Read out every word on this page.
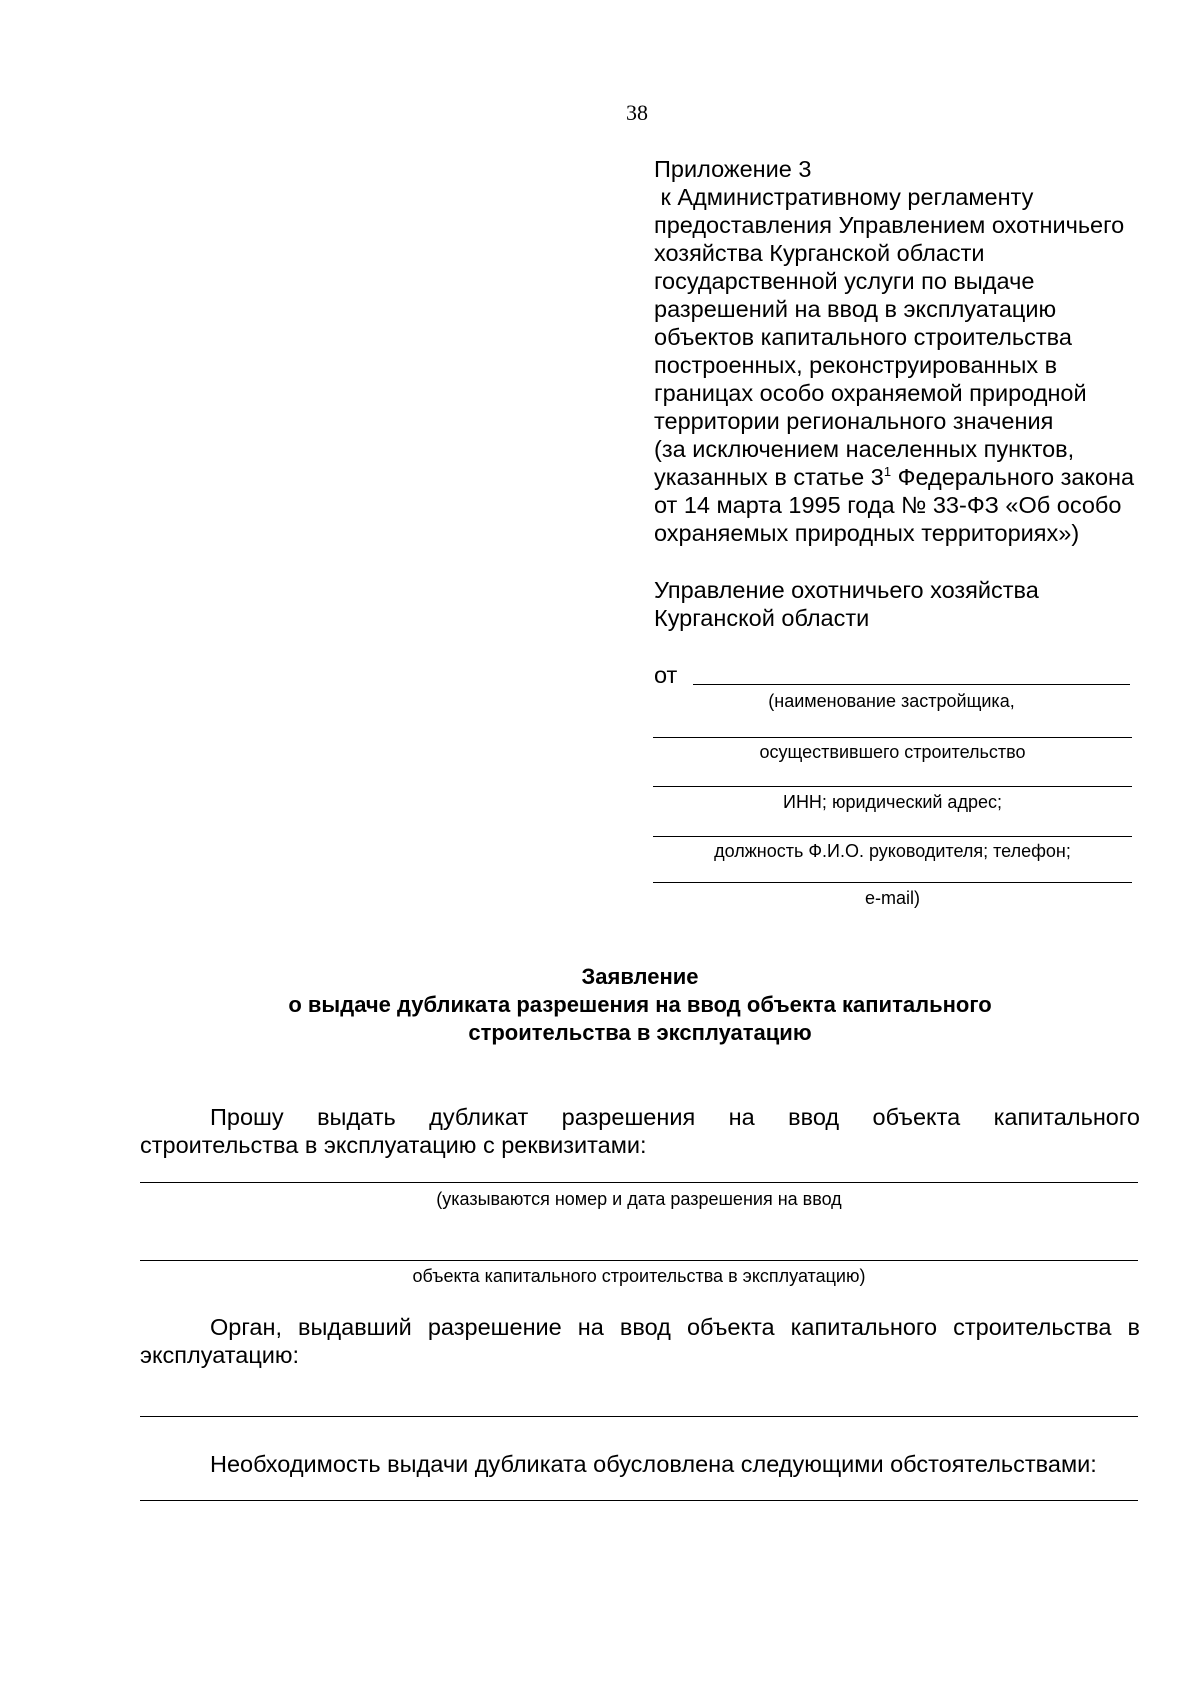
38
Приложение 3
к Административному регламенту
предоставления Управлением охотничьего
хозяйства Курганской области
государственной услуги по выдаче
разрешений на ввод в эксплуатацию
объектов капитального строительства
построенных, реконструированных в
границах особо охраняемой природной
территории регионального значения
(за исключением населенных пунктов,
указанных в статье $3^1$ Федерального закона
от 14 марта 1995 года № 33-ФЗ «Об особо
охраняемых природных территориях»)
Управление охотничьего хозяйства
Курганской области
от
(наименование застройщика,
осуществившего строительство
ИНН; юридический адрес;
должность Ф.И.О. руководителя; телефон;
e-mail)
Заявление
о выдаче дубликата разрешения на ввод объекта капитального
строительства в эксплуатацию
Прошу выдать дубликат разрешения на ввод объекта капитального
строительства в эксплуатацию с реквизитами:
(указываются номер и дата разрешения на ввод
объекта капитального строительства в эксплуатацию)
Орган, выдавший разрешение на ввод объекта капитального строительства в
эксплуатацию:
Необходимость выдачи дубликата обусловлена следующими обстоятельствами:
